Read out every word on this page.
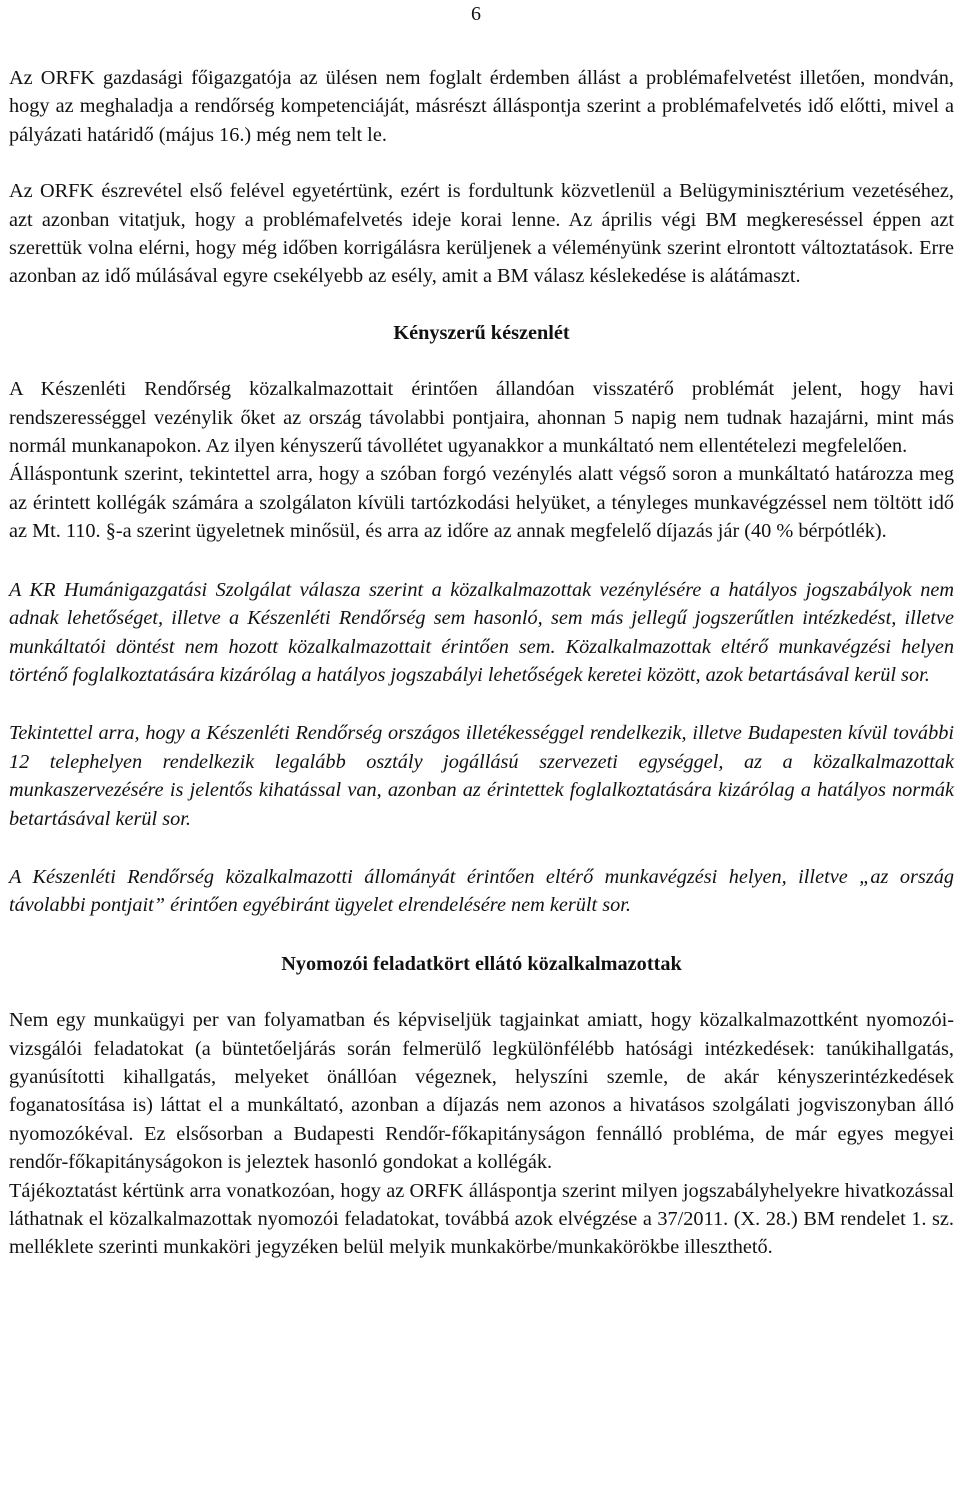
6

Az ORFK gazdasági főigazgatója az ülésen nem foglalt érdemben állást a problémafelvetést illetően, mondván, hogy az meghaladja a rendőrség kompetenciáját, másrészt álláspontja szerint a problémafelvetés idő előtti, mivel a pályázati határidő (május 16.) még nem telt le.

Az ORFK észrevétel első felével egyetértünk, ezért is fordultunk közvetlenül a Belügyminisztérium vezetéséhez, azt azonban vitatjuk, hogy a problémafelvetés ideje korai lenne. Az április végi BM megkereséssel éppen azt szerettük volna elérni, hogy még időben korrigálásra kerüljenek a véleményünk szerint elrontott változtatások. Erre azonban az idő múlásával egyre csekélyebb az esély, amit a BM válasz késlekedése is alátámaszt.

Kényszerű készenlét

A Készenléti Rendőrség közalkalmazottait érintően állandóan visszatérő problémát jelent, hogy havi rendszerességgel vezénylik őket az ország távolabbi pontjaira, ahonnan 5 napig nem tudnak hazajárni, mint más normál munkanapokon. Az ilyen kényszerű távollétet ugyanakkor a munkáltató nem ellentételezi megfelelően.

Álláspontunk szerint, tekintettel arra, hogy a szóban forgó vezénylés alatt végső soron a munkáltató határozza meg az érintett kollégák számára a szolgálaton kívüli tartózkodási helyüket, a tényleges munkavégzéssel nem töltött idő az Mt. 110. §-a szerint ügyeletnek minősül, és arra az időre az annak megfelelő díjazás jár (40 % bérpótlék).

A KR Humánigazgatási Szolgálat válasza szerint a közalkalmazottak vezénylésére a hatályos jogszabályok nem adnak lehetőséget, illetve a Készenléti Rendőrség sem hasonló, sem más jellegű jogszerűtlen intézkedést, illetve munkáltatói döntést nem hozott közalkalmazottait érintően sem. Közalkalmazottak eltérő munkavégzési helyen történő foglalkoztatására kizárólag a hatályos jogszabályi lehetőségek keretei között, azok betartásával kerül sor.

Tekintettel arra, hogy a Készenléti Rendőrség országos illetékességgel rendelkezik, illetve Budapesten kívül további 12 telephelyen rendelkezik legalább osztály jogállású szervezeti egységgel, az a közalkalmazottak munkaszervezésére is jelentős kihatással van, azonban az érintettek foglalkoztatására kizárólag a hatályos normák betartásával kerül sor.

A Készenléti Rendőrség közalkalmazotti állományát érintően eltérő munkavégzési helyen, illetve „az ország távolabbi pontjait” érintően egyébiránt ügyelet elrendelésére nem került sor.

Nyomozói feladatkört ellátó közalkalmazottak

Nem egy munkaügyi per van folyamatban és képviseljük tagjainkat amiatt, hogy közalkalmazottként nyomozói-vizsgálói feladatokat (a büntetőeljárás során felmerülő legkülönfélébb hatósági intézkedések: tanúkihallgatás, gyanúsítotti kihallgatás, melyeket önállóan végeznek, helyszíni szemle, de akár kényszerintézkedések foganatosítása is) láttat el a munkáltató, azonban a díjazás nem azonos a hivatásos szolgálati jogviszonyban álló nyomozókéval. Ez elsősorban a Budapesti Rendőr-főkapitányságon fennálló probléma, de már egyes megyei rendőr-főkapitányságokon is jeleztek hasonló gondokat a kollégák.

Tájékoztatást kértünk arra vonatkozóan, hogy az ORFK álláspontja szerint milyen jogszabályhelyekre hivatkozással láthatnak el közalkalmazottak nyomozói feladatokat, továbbá azok elvégzése a 37/2011. (X. 28.) BM rendelet 1. sz. melléklete szerinti munkaköri jegyzéken belül melyik munkakörbe/munkakörökbe illeszthető.
